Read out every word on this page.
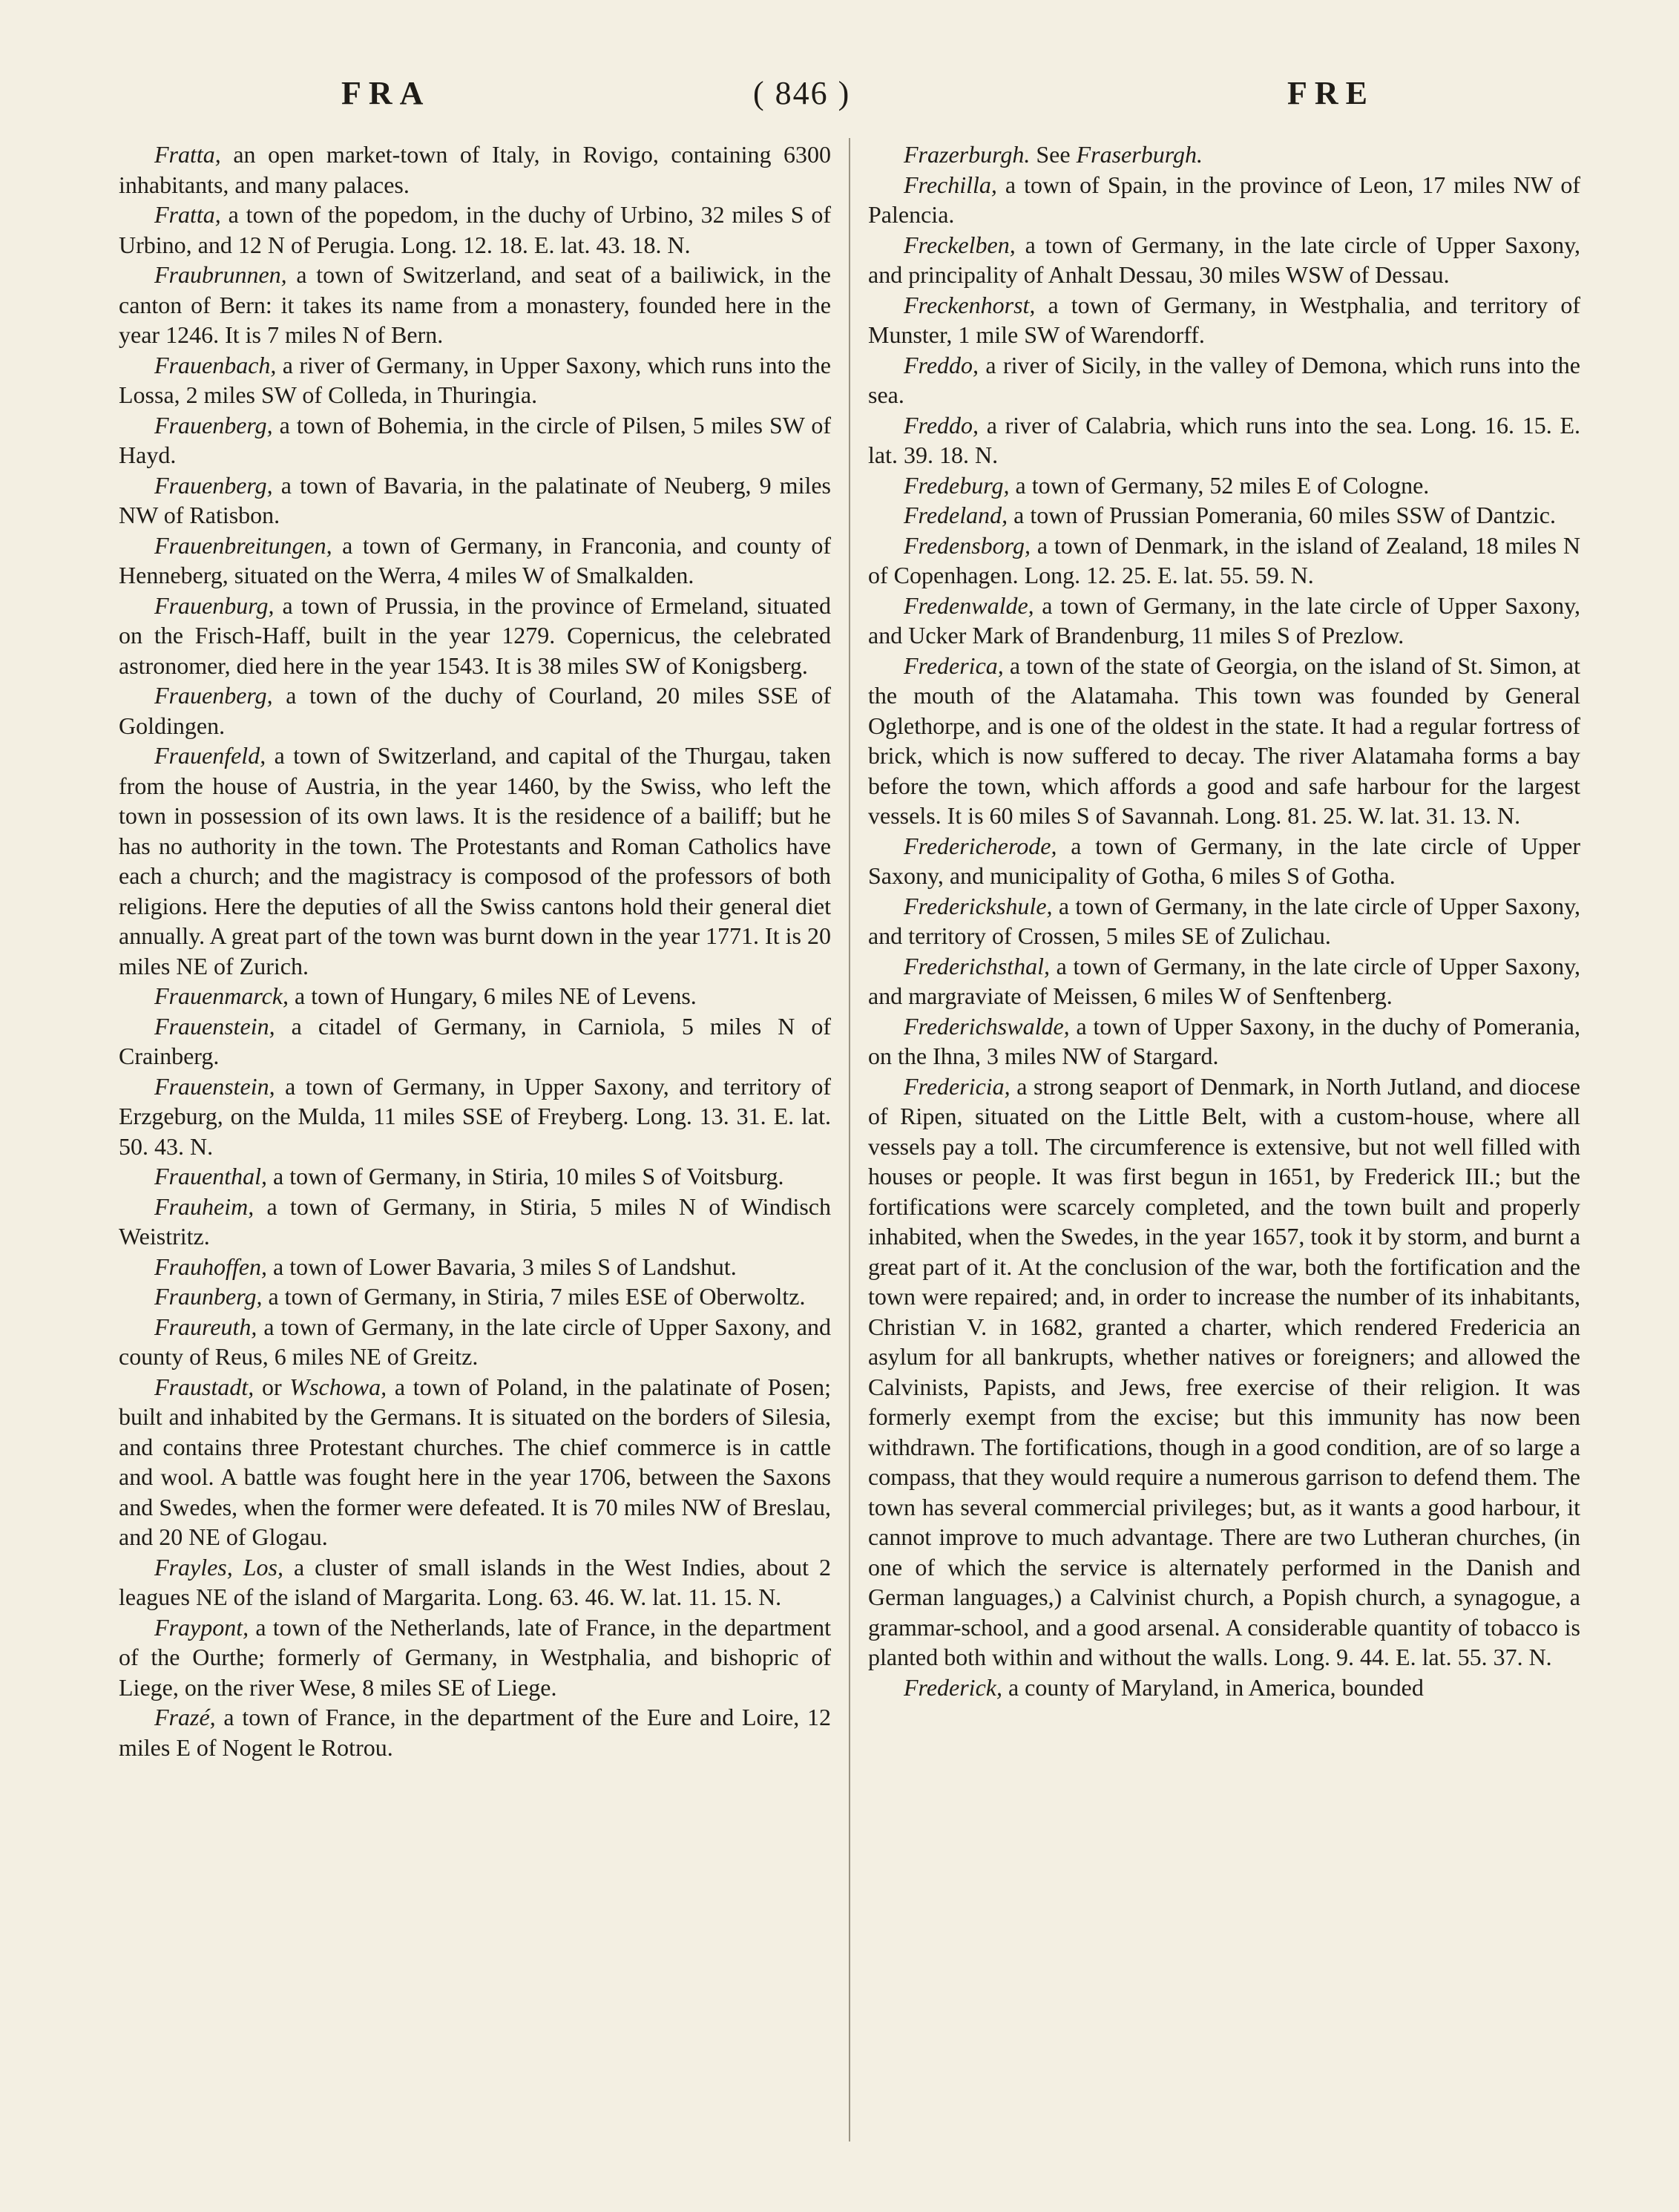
FRA	( 846 )	FRE

Fratta, an open market-town of Italy, in Rovigo, containing 6300 inhabitants, and many palaces.

Fratta, a town of the popedom, in the duchy of Urbino, 32 miles S of Urbino, and 12 N of Perugia. Long. 12. 18. E. lat. 43. 18. N.

Fraubrunnen, a town of Switzerland, and seat of a bailiwick, in the canton of Bern: it takes its name from a monastery, founded here in the year 1246. It is 7 miles N of Bern.

Frauenbach, a river of Germany, in Upper Saxony, which runs into the Lossa, 2 miles SW of Colleda, in Thuringia.

Frauenberg, a town of Bohemia, in the circle of Pilsen, 5 miles SW of Hayd.

Frauenberg, a town of Bavaria, in the palatinate of Neuberg, 9 miles NW of Ratisbon.

Frauenbreitungen, a town of Germany, in Franconia, and county of Henneberg, situated on the Werra, 4 miles W of Smalkalden.

Frauenburg, a town of Prussia, in the province of Ermeland, situated on the Frisch-Haff, built in the year 1279. Copernicus, the celebrated astronomer, died here in the year 1543. It is 38 miles SW of Konigsberg.

Frauenberg, a town of the duchy of Courland, 20 miles SSE of Goldingen.

Frauenfeld, a town of Switzerland, and capital of the Thurgau, taken from the house of Austria, in the year 1460, by the Swiss, who left the town in possession of its own laws. It is the residence of a bailiff; but he has no authority in the town. The Protestants and Roman Catholics have each a church; and the magistracy is composod of the professors of both religions. Here the deputies of all the Swiss cantons hold their general diet annually. A great part of the town was burnt down in the year 1771. It is 20 miles NE of Zurich.

Frauenmarck, a town of Hungary, 6 miles NE of Levens.

Frauenstein, a citadel of Germany, in Carniola, 5 miles N of Crainberg.

Frauenstein, a town of Germany, in Upper Saxony, and territory of Erzgeburg, on the Mulda, 11 miles SSE of Freyberg. Long. 13. 31. E. lat. 50. 43. N.

Frauenthal, a town of Germany, in Stiria, 10 miles S of Voitsburg.

Frauheim, a town of Germany, in Stiria, 5 miles N of Windisch Weistritz.

Frauhoffen, a town of Lower Bavaria, 3 miles S of Landshut.

Fraunberg, a town of Germany, in Stiria, 7 miles ESE of Oberwoltz.

Fraureuth, a town of Germany, in the late circle of Upper Saxony, and county of Reus, 6 miles NE of Greitz.

Fraustadt, or Wschowa, a town of Poland, in the palatinate of Posen; built and inhabited by the Germans. It is situated on the borders of Silesia, and contains three Protestant churches. The chief commerce is in cattle and wool. A battle was fought here in the year 1706, between the Saxons and Swedes, when the former were defeated. It is 70 miles NW of Breslau, and 20 NE of Glogau.

Frayles, Los, a cluster of small islands in the West Indies, about 2 leagues NE of the island of Margarita. Long. 63. 46. W. lat. 11. 15. N.

Fraypont, a town of the Netherlands, late of France, in the department of the Ourthe; formerly of Germany, in Westphalia, and bishopric of Liege, on the river Wese, 8 miles SE of Liege.

Frazé, a town of France, in the department of the Eure and Loire, 12 miles E of Nogent le Rotrou.

Frazerburgh. See Fraserburgh.

Frechilla, a town of Spain, in the province of Leon, 17 miles NW of Palencia.

Freckelben, a town of Germany, in the late circle of Upper Saxony, and principality of Anhalt Dessau, 30 miles WSW of Dessau.

Freckenhorst, a town of Germany, in Westphalia, and territory of Munster, 1 mile SW of Warendorff.

Freddo, a river of Sicily, in the valley of Demona, which runs into the sea.

Freddo, a river of Calabria, which runs into the sea. Long. 16. 15. E. lat. 39. 18. N.

Fredeburg, a town of Germany, 52 miles E of Cologne.

Fredeland, a town of Prussian Pomerania, 60 miles SSW of Dantzic.

Fredensborg, a town of Denmark, in the island of Zealand, 18 miles N of Copenhagen. Long. 12. 25. E. lat. 55. 59. N.

Fredenwalde, a town of Germany, in the late circle of Upper Saxony, and Ucker Mark of Brandenburg, 11 miles S of Prezlow.

Frederica, a town of the state of Georgia, on the island of St. Simon, at the mouth of the Alatamaha. This town was founded by General Oglethorpe, and is one of the oldest in the state. It had a regular fortress of brick, which is now suffered to decay. The river Alatamaha forms a bay before the town, which affords a good and safe harbour for the largest vessels. It is 60 miles S of Savannah. Long. 81. 25. W. lat. 31. 13. N.

Fredericherode, a town of Germany, in the late circle of Upper Saxony, and municipality of Gotha, 6 miles S of Gotha.

Frederickshule, a town of Germany, in the late circle of Upper Saxony, and territory of Crossen, 5 miles SE of Zulichau.

Frederichsthal, a town of Germany, in the late circle of Upper Saxony, and margraviate of Meissen, 6 miles W of Senftenberg.

Frederichswalde, a town of Upper Saxony, in the duchy of Pomerania, on the Ihna, 3 miles NW of Stargard.

Fredericia, a strong seaport of Denmark, in North Jutland, and diocese of Ripen, situated on the Little Belt, with a custom-house, where all vessels pay a toll. The circumference is extensive, but not well filled with houses or people. It was first begun in 1651, by Frederick III.; but the fortifications were scarcely completed, and the town built and properly inhabited, when the Swedes, in the year 1657, took it by storm, and burnt a great part of it. At the conclusion of the war, both the fortification and the town were repaired; and, in order to increase the number of its inhabitants, Christian V. in 1682, granted a charter, which rendered Fredericia an asylum for all bankrupts, whether natives or foreigners; and allowed the Calvinists, Papists, and Jews, free exercise of their religion. It was formerly exempt from the excise; but this immunity has now been withdrawn. The fortifications, though in a good condition, are of so large a compass, that they would require a numerous garrison to defend them. The town has several commercial privileges; but, as it wants a good harbour, it cannot improve to much advantage. There are two Lutheran churches, (in one of which the service is alternately performed in the Danish and German languages,) a Calvinist church, a Popish church, a synagogue, a grammar-school, and a good arsenal. A considerable quantity of tobacco is planted both within and without the walls. Long. 9. 44. E. lat. 55. 37. N.

Frederick, a county of Maryland, in America, bounded
